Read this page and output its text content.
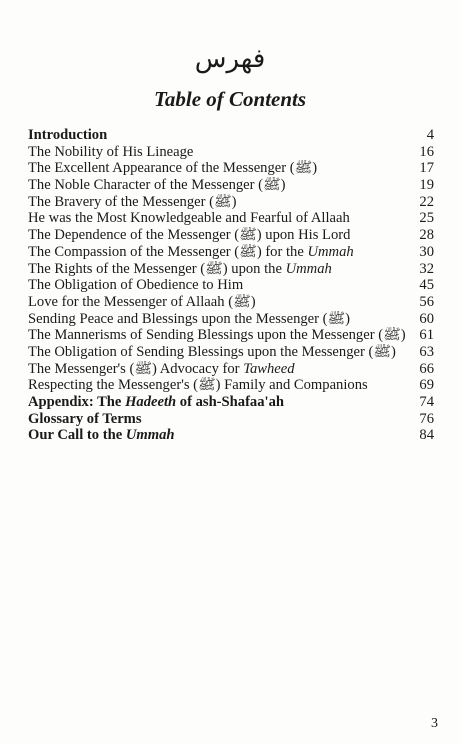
فهرس
Table of Contents
Introduction	4
The Nobility of His Lineage	16
The Excellent Appearance of the Messenger (ﷺ)	17
The Noble Character of the Messenger (ﷺ)	19
The Bravery of the Messenger (ﷺ)	22
He was the Most Knowledgeable and Fearful of Allaah	25
The Dependence of the Messenger (ﷺ) upon His Lord	28
The Compassion of the Messenger (ﷺ) for the Ummah	30
The Rights of the Messenger (ﷺ) upon the Ummah	32
The Obligation of Obedience to Him	45
Love for the Messenger of Allaah (ﷺ)	56
Sending Peace and Blessings upon the Messenger (ﷺ)	60
The Mannerisms of Sending Blessings upon the Messenger (ﷺ) 61
The Obligation of Sending Blessings upon the Messenger (ﷺ)	63
The Messenger's (ﷺ) Advocacy for Tawheed	66
Respecting the Messenger's (ﷺ) Family and Companions	69
Appendix: The Hadeeth of ash-Shafaa'ah	74
Glossary of Terms	76
Our Call to the Ummah	84
3
